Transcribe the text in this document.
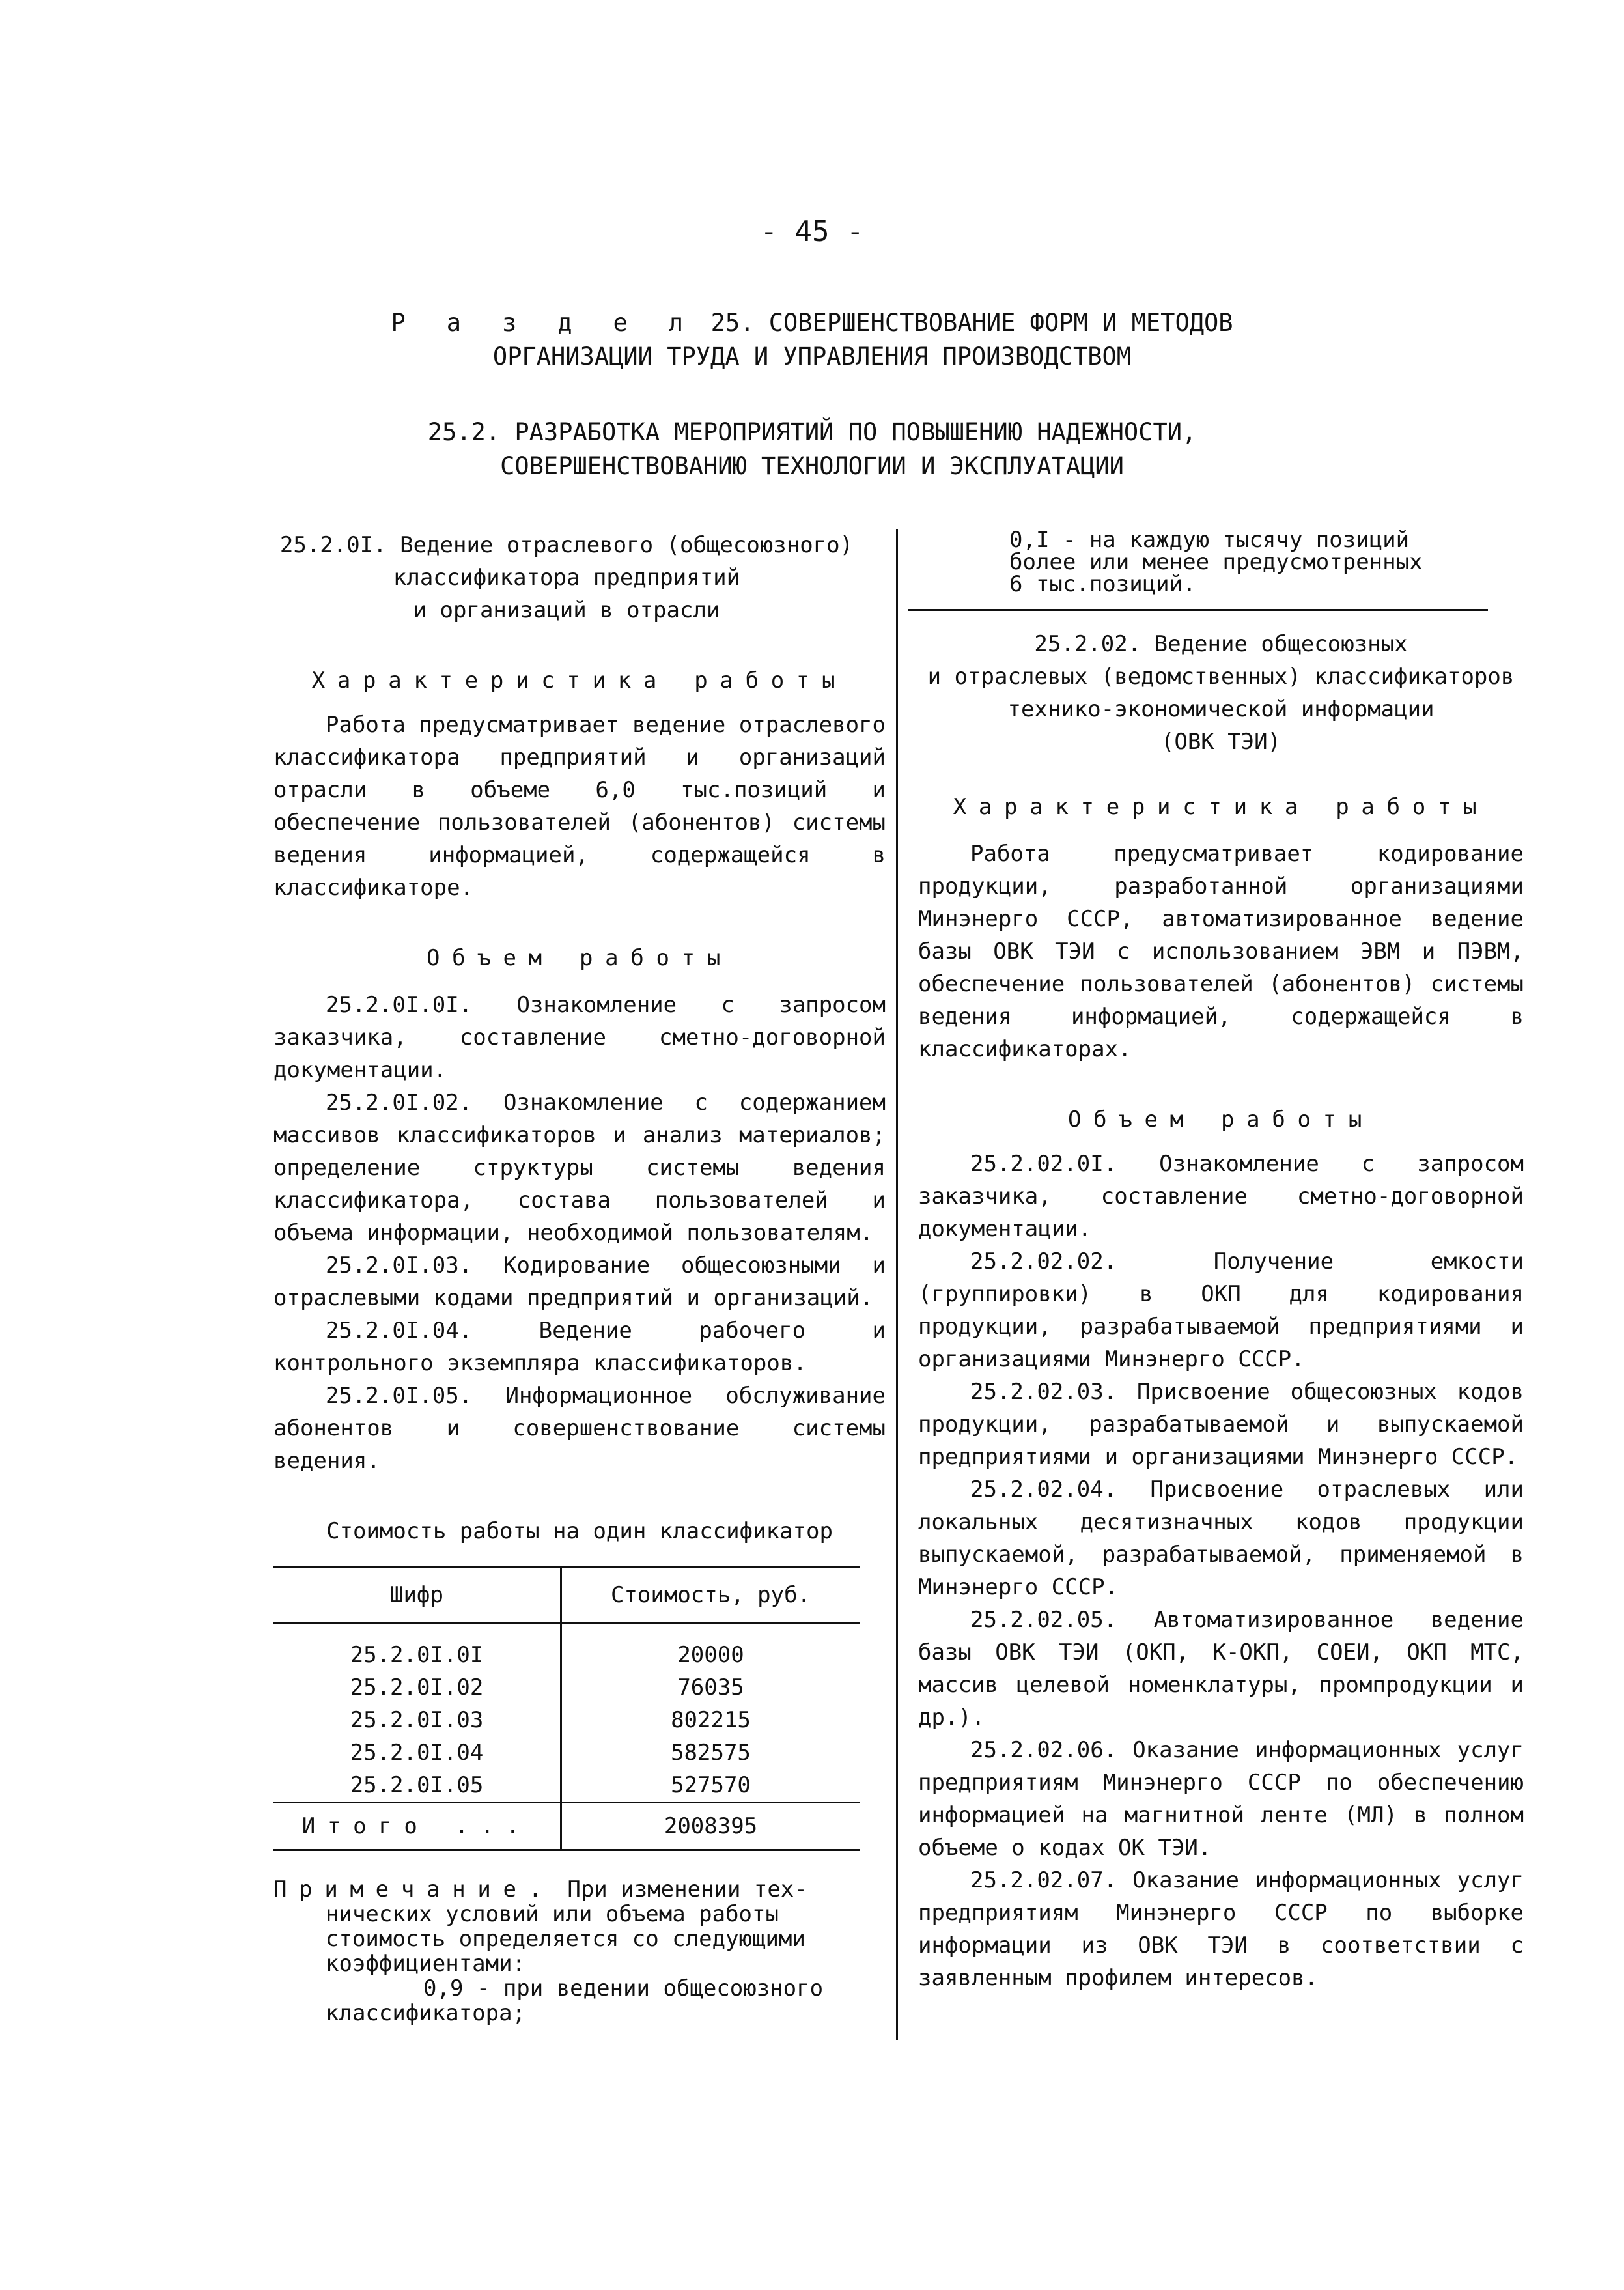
- 45 -
Р а з д е л 25. СОВЕРШЕНСТВОВАНИЕ ФОРМ И МЕТОДОВ
ОРГАНИЗАЦИИ ТРУДА И УПРАВЛЕНИЯ ПРОИЗВОДСТВОМ
25.2. РАЗРАБОТКА МЕРОПРИЯТИЙ ПО ПОВЫШЕНИЮ НАДЕЖНОСТИ,
СОВЕРШЕНСТВОВАНИЮ ТЕХНОЛОГИИ И ЭКСПЛУАТАЦИИ

25.2.0I. Ведение отраслевого (общесоюзного)
классификатора предприятий
и организаций в отрасли

Характеристика работы

Работа предусматривает ведение отраслевого классификатора предприятий и организаций отрасли в объеме 6,0 тыс.позиций и обеспечение пользователей (абонентов) системы ведения информацией, содержащейся в классификаторе.

Объем работы

25.2.0I.0I. Ознакомление с запросом заказчика, составление сметно-договорной документации.

25.2.0I.02. Ознакомление с содержанием массивов классификаторов и анализ материалов; определение структуры системы ведения классификатора, состава пользователей и объема информации, необходимой пользователям.

25.2.0I.03. Кодирование общесоюзными и отраслевыми кодами предприятий и организаций.

25.2.0I.04. Ведение рабочего и контрольного экземпляра классификаторов.

25.2.0I.05. Информационное обслуживание абонентов и совершенствование системы ведения.

Стоимость работы на один классификатор

Шифр	Стоимость, руб.
25.2.0I.0I	20000
25.2.0I.02	76035
25.2.0I.03	802215
25.2.0I.04	582575
25.2.0I.05	527570
Итого ...	2008395
Примечание. При изменении тех-
нических условий или объема работы
стоимость определяется со следующими
коэффициентами:
0,9 - при ведении общесоюзного
классификатора;

0,I - на каждую тысячу позиций
более или менее предусмотренных
6 тыс.позиций.

25.2.02. Ведение общесоюзных
и отраслевых (ведомственных) классификаторов
технико-экономической информации
(ОВК ТЭИ)

Характеристика работы

Работа предусматривает кодирование продукции, разработанной организациями Минэнерго СССР, автоматизированное ведение базы ОВК ТЭИ с использованием ЭВМ и ПЭВМ, обеспечение пользователей (абонентов) системы ведения информацией, содержащейся в классификаторах.

Объем работы

25.2.02.0I. Ознакомление с запросом заказчика, составление сметно-договорной документации.

25.2.02.02. Получение емкости (группировки) в ОКП для кодирования продукции, разрабатываемой предприятиями и организациями Минэнерго СССР.

25.2.02.03. Присвоение общесоюзных кодов продукции, разрабатываемой и выпускаемой предприятиями и организациями Минэнерго СССР.

25.2.02.04. Присвоение отраслевых или локальных десятизначных кодов продукции выпускаемой, разрабатываемой, применяемой в Минэнерго СССР.

25.2.02.05. Автоматизированное ведение базы ОВК ТЭИ (ОКП, К-ОКП, СОЕИ, ОКП МТС, массив целевой номенклатуры, промпродукции и др.).

25.2.02.06. Оказание информационных услуг предприятиям Минэнерго СССР по обеспечению информацией на магнитной ленте (МЛ) в полном объеме о кодах ОК ТЭИ.

25.2.02.07. Оказание информационных услуг предприятиям Минэнерго СССР по выборке информации из ОВК ТЭИ в соответствии с заявленным профилем интересов.
